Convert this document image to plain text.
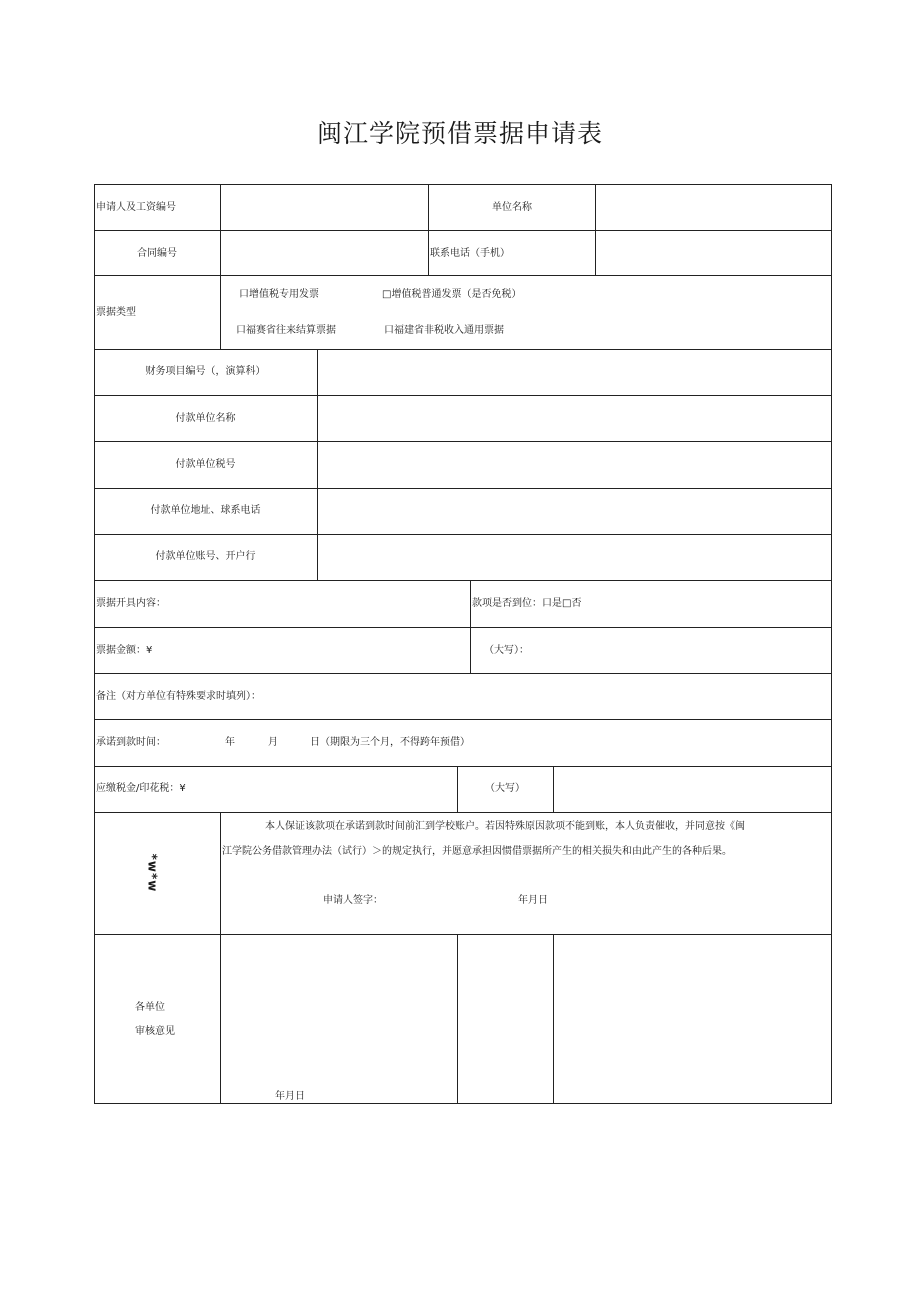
闽江学院预借票据申请表
申请人及工资编号	单位名称
合同编号	联系电话（手机）
票据类型
口增值税专用发票	□增值税普通发票（是否免税）
口福赛省往来结算票据	口福建省非税收入通用票据
财务项目编号（，演算科）
付款单位名称
付款单位税号
付款单位地址、球系电话
付款单位账号、开户行
票据开具内容：	款项是否到位：口是□否
票据金额：¥	（大写）：
备注（对方单位有特殊要求时填列）：
承诺到款时间：	年	月	日（期限为三个月，不得跨年预借）
应缴税金/印花税：¥	（大写）
*w*w
本人保证该款项在承诺到款时间前汇到学校账户。若因特殊原因款项不能到账，本人负责催收，并同意按《闽
江学院公务借款管理办法（试行）＞的规定执行，并愿意承担因惯借票据所产生的相关损失和由此产生的各种后果。
申请人签字：	年月日
各单位
审核意见
年月日
